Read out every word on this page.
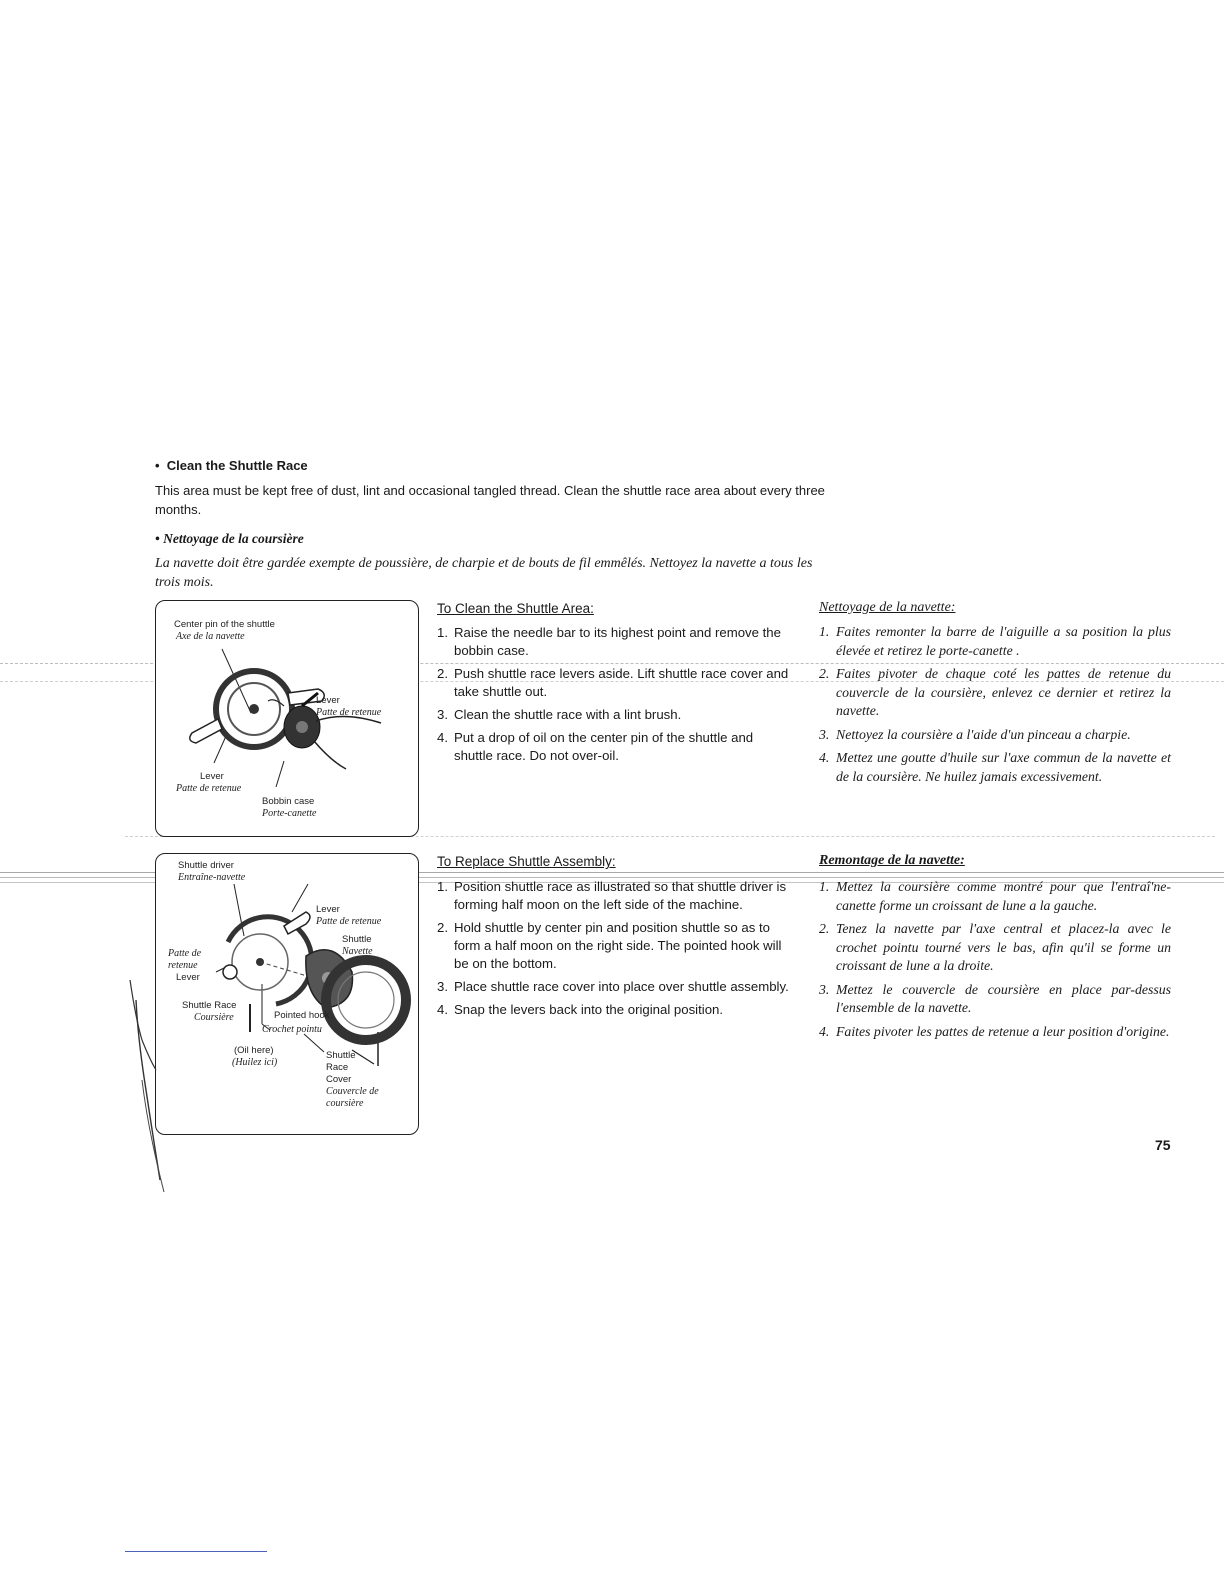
•  Clean the Shuttle Race
This area must be kept free of dust, lint and occasional tangled thread. Clean the shuttle race area about every three months.
• Nettoyage de la coursière
La navette doit être gardée exempte de poussière, de charpie et de bouts de fil emmêlés. Nettoyez la navette a tous les trois mois.
Center pin of the shuttle
Axe de la navette
Lever
Patte de retenue
Lever
Patte de retenue
Bobbin case
Porte-canette
To Clean the Shuttle Area:
1. Raise the needle bar to its highest point and remove the bobbin case.
2. Push shuttle race levers aside. Lift shuttle race cover and take shuttle out.
3. Clean the shuttle race with a lint brush.
4. Put a drop of oil on the center pin of the shuttle and shuttle race. Do not over-oil.
Nettoyage de la navette:
1. Faites remonter la barre de l'aiguille a sa position la plus élevée et retirez le porte-canette .
2. Faites pivoter de chaque coté les pattes de retenue du couvercle de la coursière, enlevez ce dernier et retirez la navette.
3. Nettoyez la coursière a l'aide d'un pinceau a charpie.
4. Mettez une goutte d'huile sur l'axe commun de la navette et de la coursière. Ne huilez jamais excessivement.
Shuttle driver
Entraîne-navette
Lever
Patte de retenue
Shuttle
Navette
Patte de
retenue
Lever
Shuttle Race
Coursière	Pointed hook
Crochet pointu
(Oil here)
(Huilez ici)
Shuttle
Race
Cover
Couvercle de
coursière
To Replace Shuttle Assembly:
1. Position shuttle race as illustrated so that shuttle driver is forming half moon on the left side of the machine.
2. Hold shuttle by center pin and position shuttle so as to form a half moon on the right side. The pointed hook will be on the bottom.
3. Place shuttle race cover into place over shuttle assembly.
4. Snap the levers back into the original position.
Remontage de la navette:
1. Mettez la coursière comme montré pour que l'entraî'ne-canette forme un croissant de lune a la gauche.
2. Tenez la navette par l'axe central et placez-la avec le crochet pointu tourné vers le bas, afin qu'il se forme un croissant de lune a la droite.
3. Mettez le couvercle de coursière en place par-dessus l'ensemble de la navette.
4. Faites pivoter les pattes de retenue a leur position d'origine.
75
